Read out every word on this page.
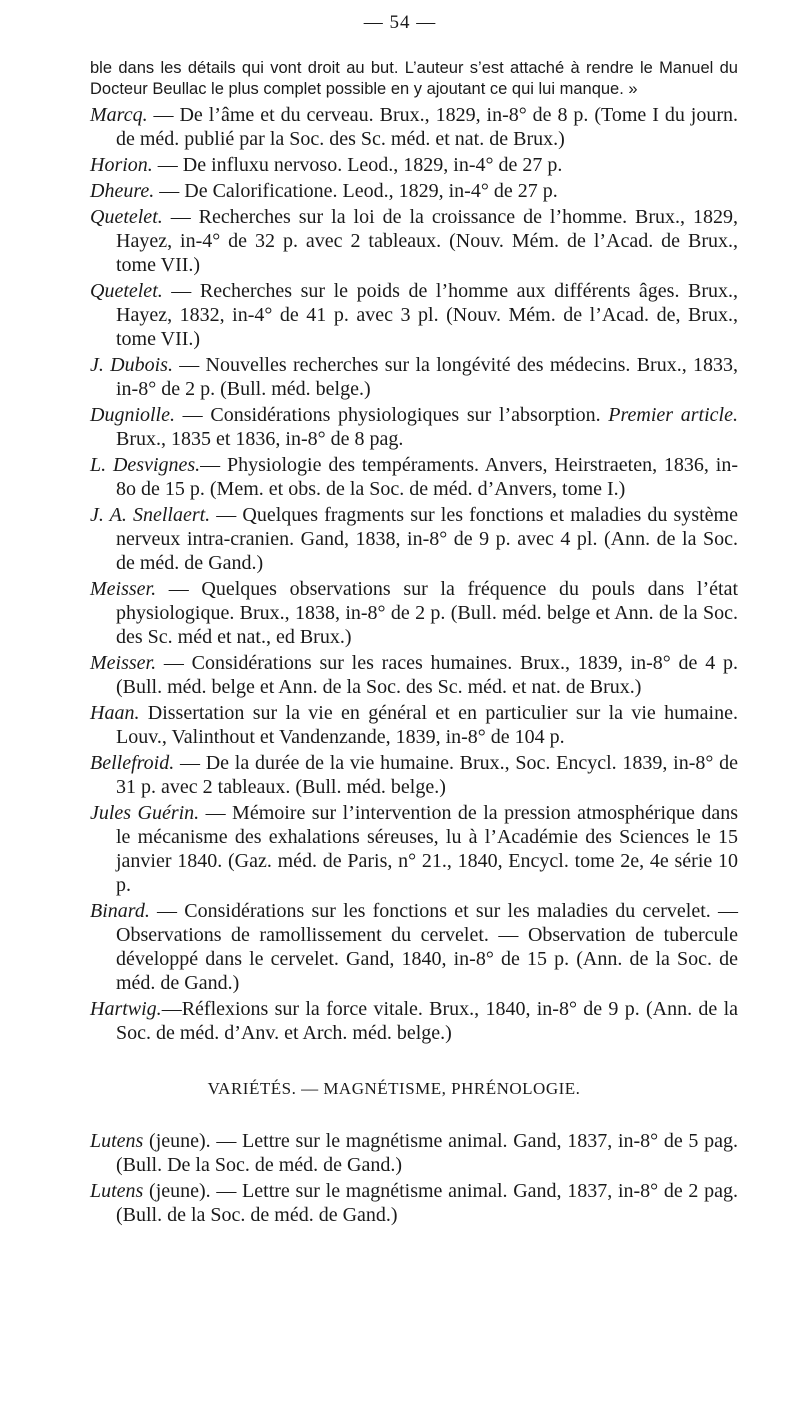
— 54 —

ble dans les détails qui vont droit au but. L’auteur s’est attaché à rendre le Manuel du Docteur Beullac le plus complet possible en y ajoutant ce qui lui manque. »

Marcq. — De l’âme et du cerveau. Brux., 1829, in-8° de 8 p. (Tome I du journ. de méd. publié par la Soc. des Sc. méd. et nat. de Brux.)

Horion. — De influxu nervoso. Leod., 1829, in-4° de 27 p.

Dheure. — De Calorificatione. Leod., 1829, in-4° de 27 p.

Quetelet. — Recherches sur la loi de la croissance de l’homme. Brux., 1829, Hayez, in-4° de 32 p. avec 2 tableaux. (Nouv. Mém. de l’Acad. de Brux., tome VII.)

Quetelet. — Recherches sur le poids de l’homme aux différents âges. Brux., Hayez, 1832, in-4° de 41 p. avec 3 pl. (Nouv. Mém. de l’Acad. de, Brux., tome VII.)

J. Dubois. — Nouvelles recherches sur la longévité des médecins. Brux., 1833, in-8° de 2 p. (Bull. méd. belge.)

Dugniolle. — Considérations physiologiques sur l’absorption. Premier article. Brux., 1835 et 1836, in-8° de 8 pag.

L. Desvignes.— Physiologie des tempéraments. Anvers, Heirstraeten, 1836, in-8o de 15 p. (Mem. et obs. de la Soc. de méd. d’Anvers, tome I.)

J. A. Snellaert. — Quelques fragments sur les fonctions et maladies du système nerveux intra-cranien. Gand, 1838, in-8° de 9 p. avec 4 pl. (Ann. de la Soc. de méd. de Gand.)

Meisser. — Quelques observations sur la fréquence du pouls dans l’état physiologique. Brux., 1838, in-8° de 2 p. (Bull. méd. belge et Ann. de la Soc. des Sc. méd et nat., ed Brux.)

Meisser. — Considérations sur les races humaines. Brux., 1839, in-8° de 4 p. (Bull. méd. belge et Ann. de la Soc. des Sc. méd. et nat. de Brux.)

Haan. Dissertation sur la vie en général et en particulier sur la vie humaine. Louv., Valinthout et Vandenzande, 1839, in-8° de 104 p.

Bellefroid. — De la durée de la vie humaine. Brux., Soc. Encycl. 1839, in-8° de 31 p. avec 2 tableaux. (Bull. méd. belge.)

Jules Guérin. — Mémoire sur l’intervention de la pression atmosphérique dans le mécanisme des exhalations séreuses, lu à l’Académie des Sciences le 15 janvier 1840. (Gaz. méd. de Paris, n° 21., 1840, Encycl. tome 2e, 4e série 10 p.

Binard. — Considérations sur les fonctions et sur les maladies du cervelet. — Observations de ramollissement du cervelet. — Observation de tubercule développé dans le cervelet. Gand, 1840, in-8° de 15 p. (Ann. de la Soc. de méd. de Gand.)

Hartwig.—Réflexions sur la force vitale. Brux., 1840, in-8° de 9 p. (Ann. de la Soc. de méd. d’Anv. et Arch. méd. belge.)

VARIÉTÉS. — MAGNÉTISME, PHRÉNOLOGIE.

Lutens (jeune). — Lettre sur le magnétisme animal. Gand, 1837, in-8° de 5 pag. (Bull. De la Soc. de méd. de Gand.)

Lutens (jeune). — Lettre sur le magnétisme animal. Gand, 1837, in-8° de 2 pag. (Bull. de la Soc. de méd. de Gand.)
